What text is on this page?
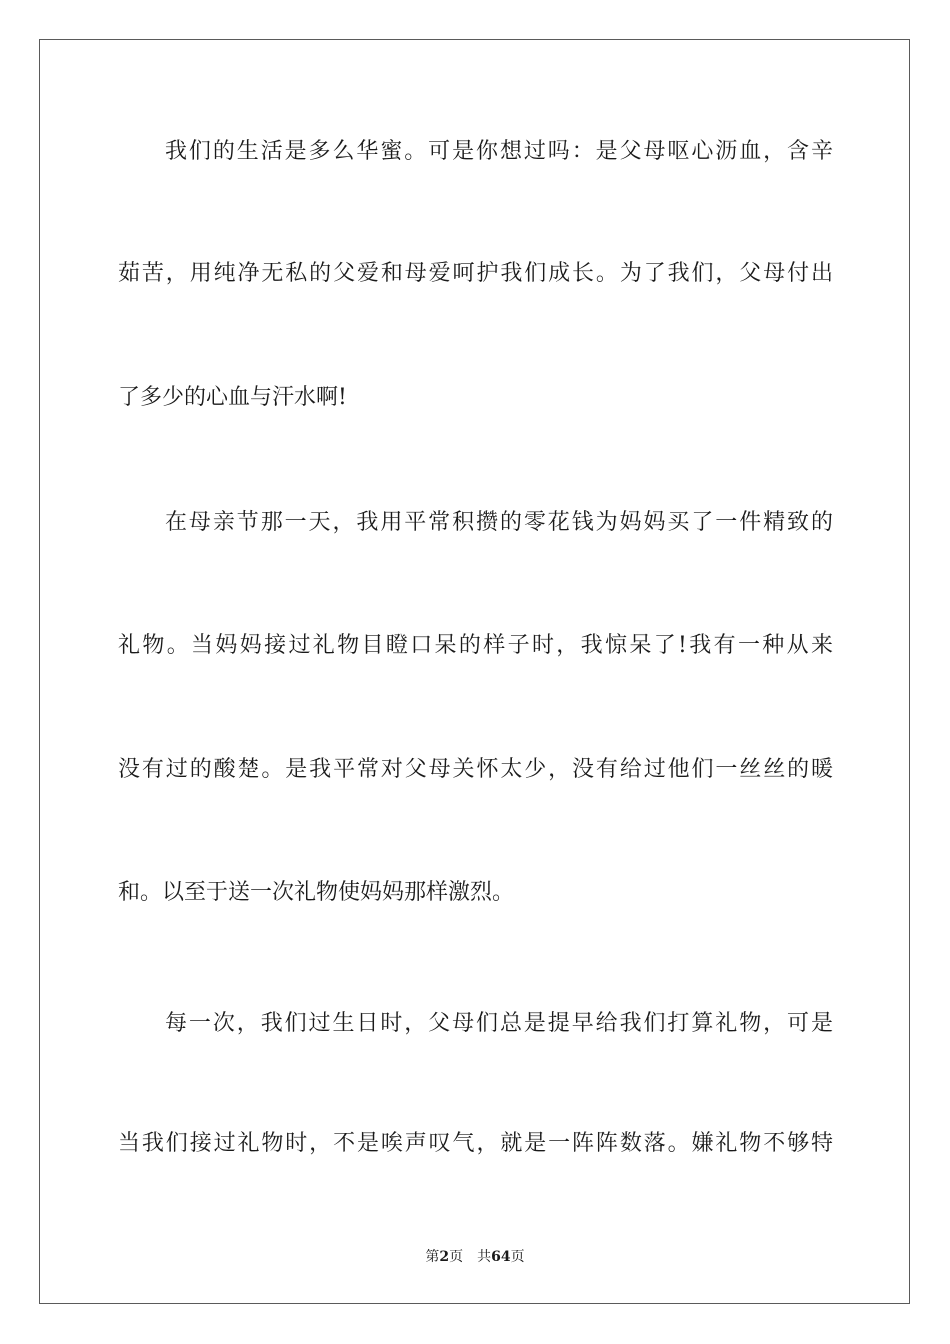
我们的生活是多么华蜜。可是你想过吗：是父母呕心沥血，含辛
茹苦，用纯净无私的父爱和母爱呵护我们成长。为了我们，父母付出
了多少的心血与汗水啊!
在母亲节那一天，我用平常积攒的零花钱为妈妈买了一件精致的
礼物。当妈妈接过礼物目瞪口呆的样子时，我惊呆了!我有一种从来
没有过的酸楚。是我平常对父母关怀太少，没有给过他们一丝丝的暖
和。以至于送一次礼物使妈妈那样激烈。
每一次，我们过生日时，父母们总是提早给我们打算礼物，可是
当我们接过礼物时，不是唉声叹气，就是一阵阵数落。嫌礼物不够特
第2页 共64页
